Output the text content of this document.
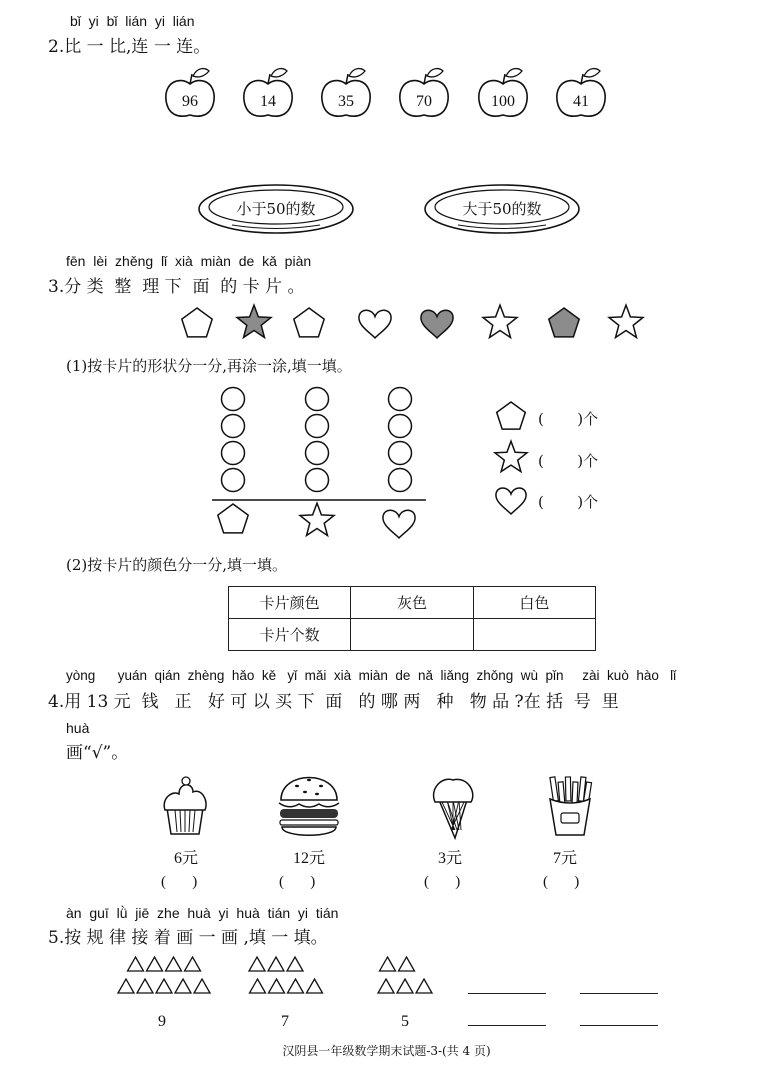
bǐ  yi  bǐ  lián  yi  lián
2.比 一 比,连 一 连。
96	14	35	70	100	41
小于50的数	大于50的数
fēn  lèi  zhěng  lǐ  xià  miàn  de  kǎ  piàn
3.分 类  整  理 下  面  的 卡 片 。
(1)按卡片的形状分一分,再涂一涂,填一填。
(       )个
(       )个
(       )个
(2)按卡片的颜色分一分,填一填。
卡片颜色	灰色	白色
卡片个数		
yòng      yuán  qián  zhèng  hǎo  kě   yǐ  mǎi  xià  miàn  de  nǎ  liǎng  zhǒng  wù  pǐn     zài  kuò  hào   lǐ
4.用 13 元  钱   正   好 可 以 买 下  面   的 哪 两   种   物 品 ?在 括  号  里
huà
画“√”。
6元	12元	3元	7元
(       )	(       )	(       )	(       )
àn  guī  lǜ  jiē  zhe  huà  yi  huà  tián  yi  tián
5.按 规 律 接 着 画 一 画 ,填 一 填。
9	7	5
汉阴县一年级数学期末试题-3-(共 4 页)
